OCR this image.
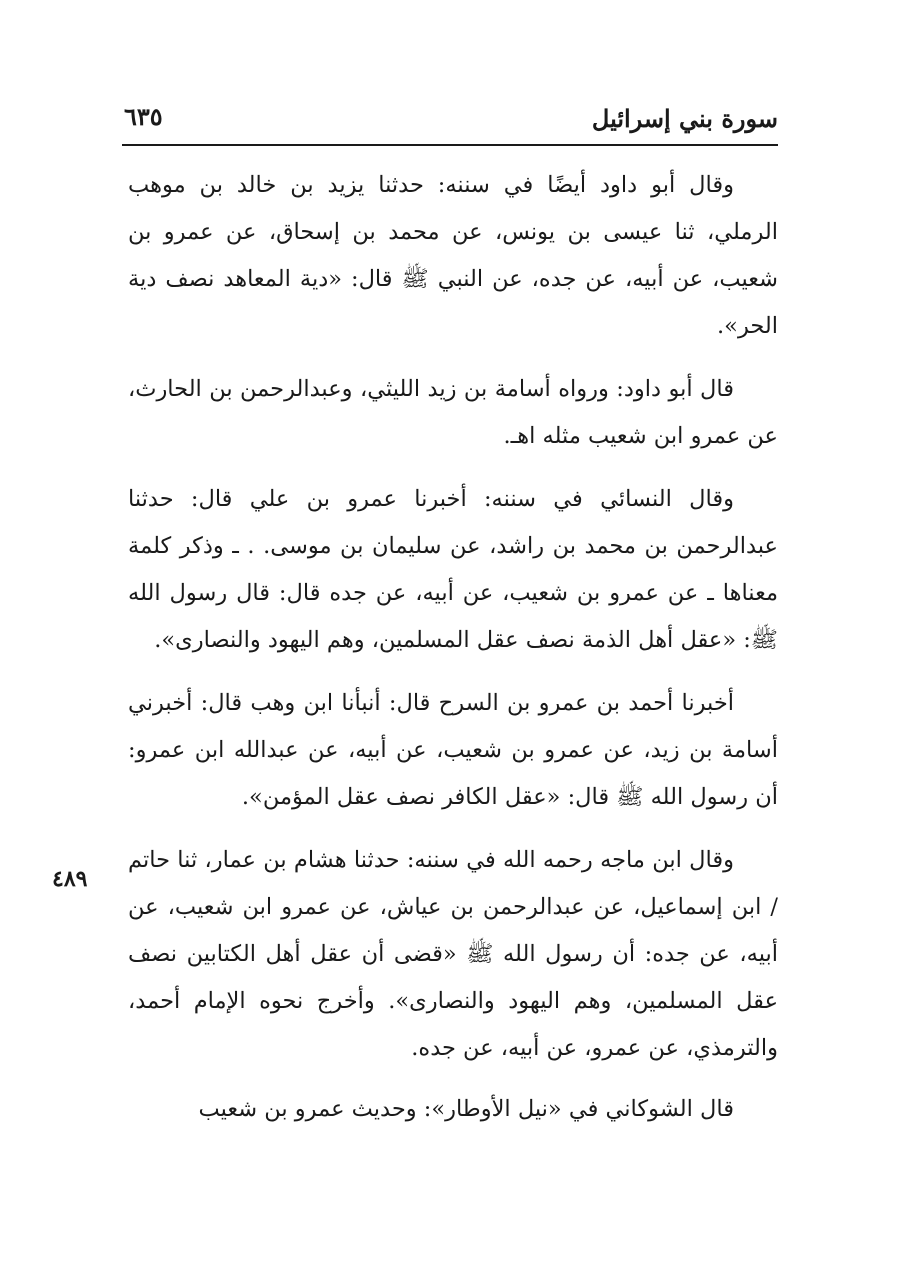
سورة بني إسرائيل
٦٣٥
٤٨٩

وقال أبو داود أيضًا في سننه: حدثنا يزيد بن خالد بن موهب الرملي، ثنا عيسى بن يونس، عن محمد بن إسحاق، عن عمرو بن شعيب، عن أبيه، عن جده، عن النبي ﷺ قال: «دية المعاهد نصف دية الحر».

قال أبو داود: ورواه أسامة بن زيد الليثي، وعبدالرحمن بن الحارث، عن عمرو ابن شعيب مثله اهـ.

وقال النسائي في سننه: أخبرنا عمرو بن علي قال: حدثنا عبدالرحمن بن محمد بن راشد، عن سليمان بن موسى. . ـ وذكر كلمة معناها ـ عن عمرو بن شعيب، عن أبيه، عن جده قال: قال رسول الله ﷺ: «عقل أهل الذمة نصف عقل المسلمين، وهم اليهود والنصارى».

أخبرنا أحمد بن عمرو بن السرح قال: أنبأنا ابن وهب قال: أخبرني أسامة بن زيد، عن عمرو بن شعيب، عن أبيه، عن عبدالله ابن عمرو: أن رسول الله ﷺ قال: «عقل الكافر نصف عقل المؤمن».

وقال ابن ماجه رحمه الله في سننه: حدثنا هشام بن عمار، ثنا حاتم / ابن إسماعيل، عن عبدالرحمن بن عياش، عن عمرو ابن شعيب، عن أبيه، عن جده: أن رسول الله ﷺ «قضى أن عقل أهل الكتابين نصف عقل المسلمين، وهم اليهود والنصارى». وأخرج نحوه الإمام أحمد، والترمذي، عن عمرو، عن أبيه، عن جده.

قال الشوكاني في «نيل الأوطار»: وحديث عمرو بن شعيب
